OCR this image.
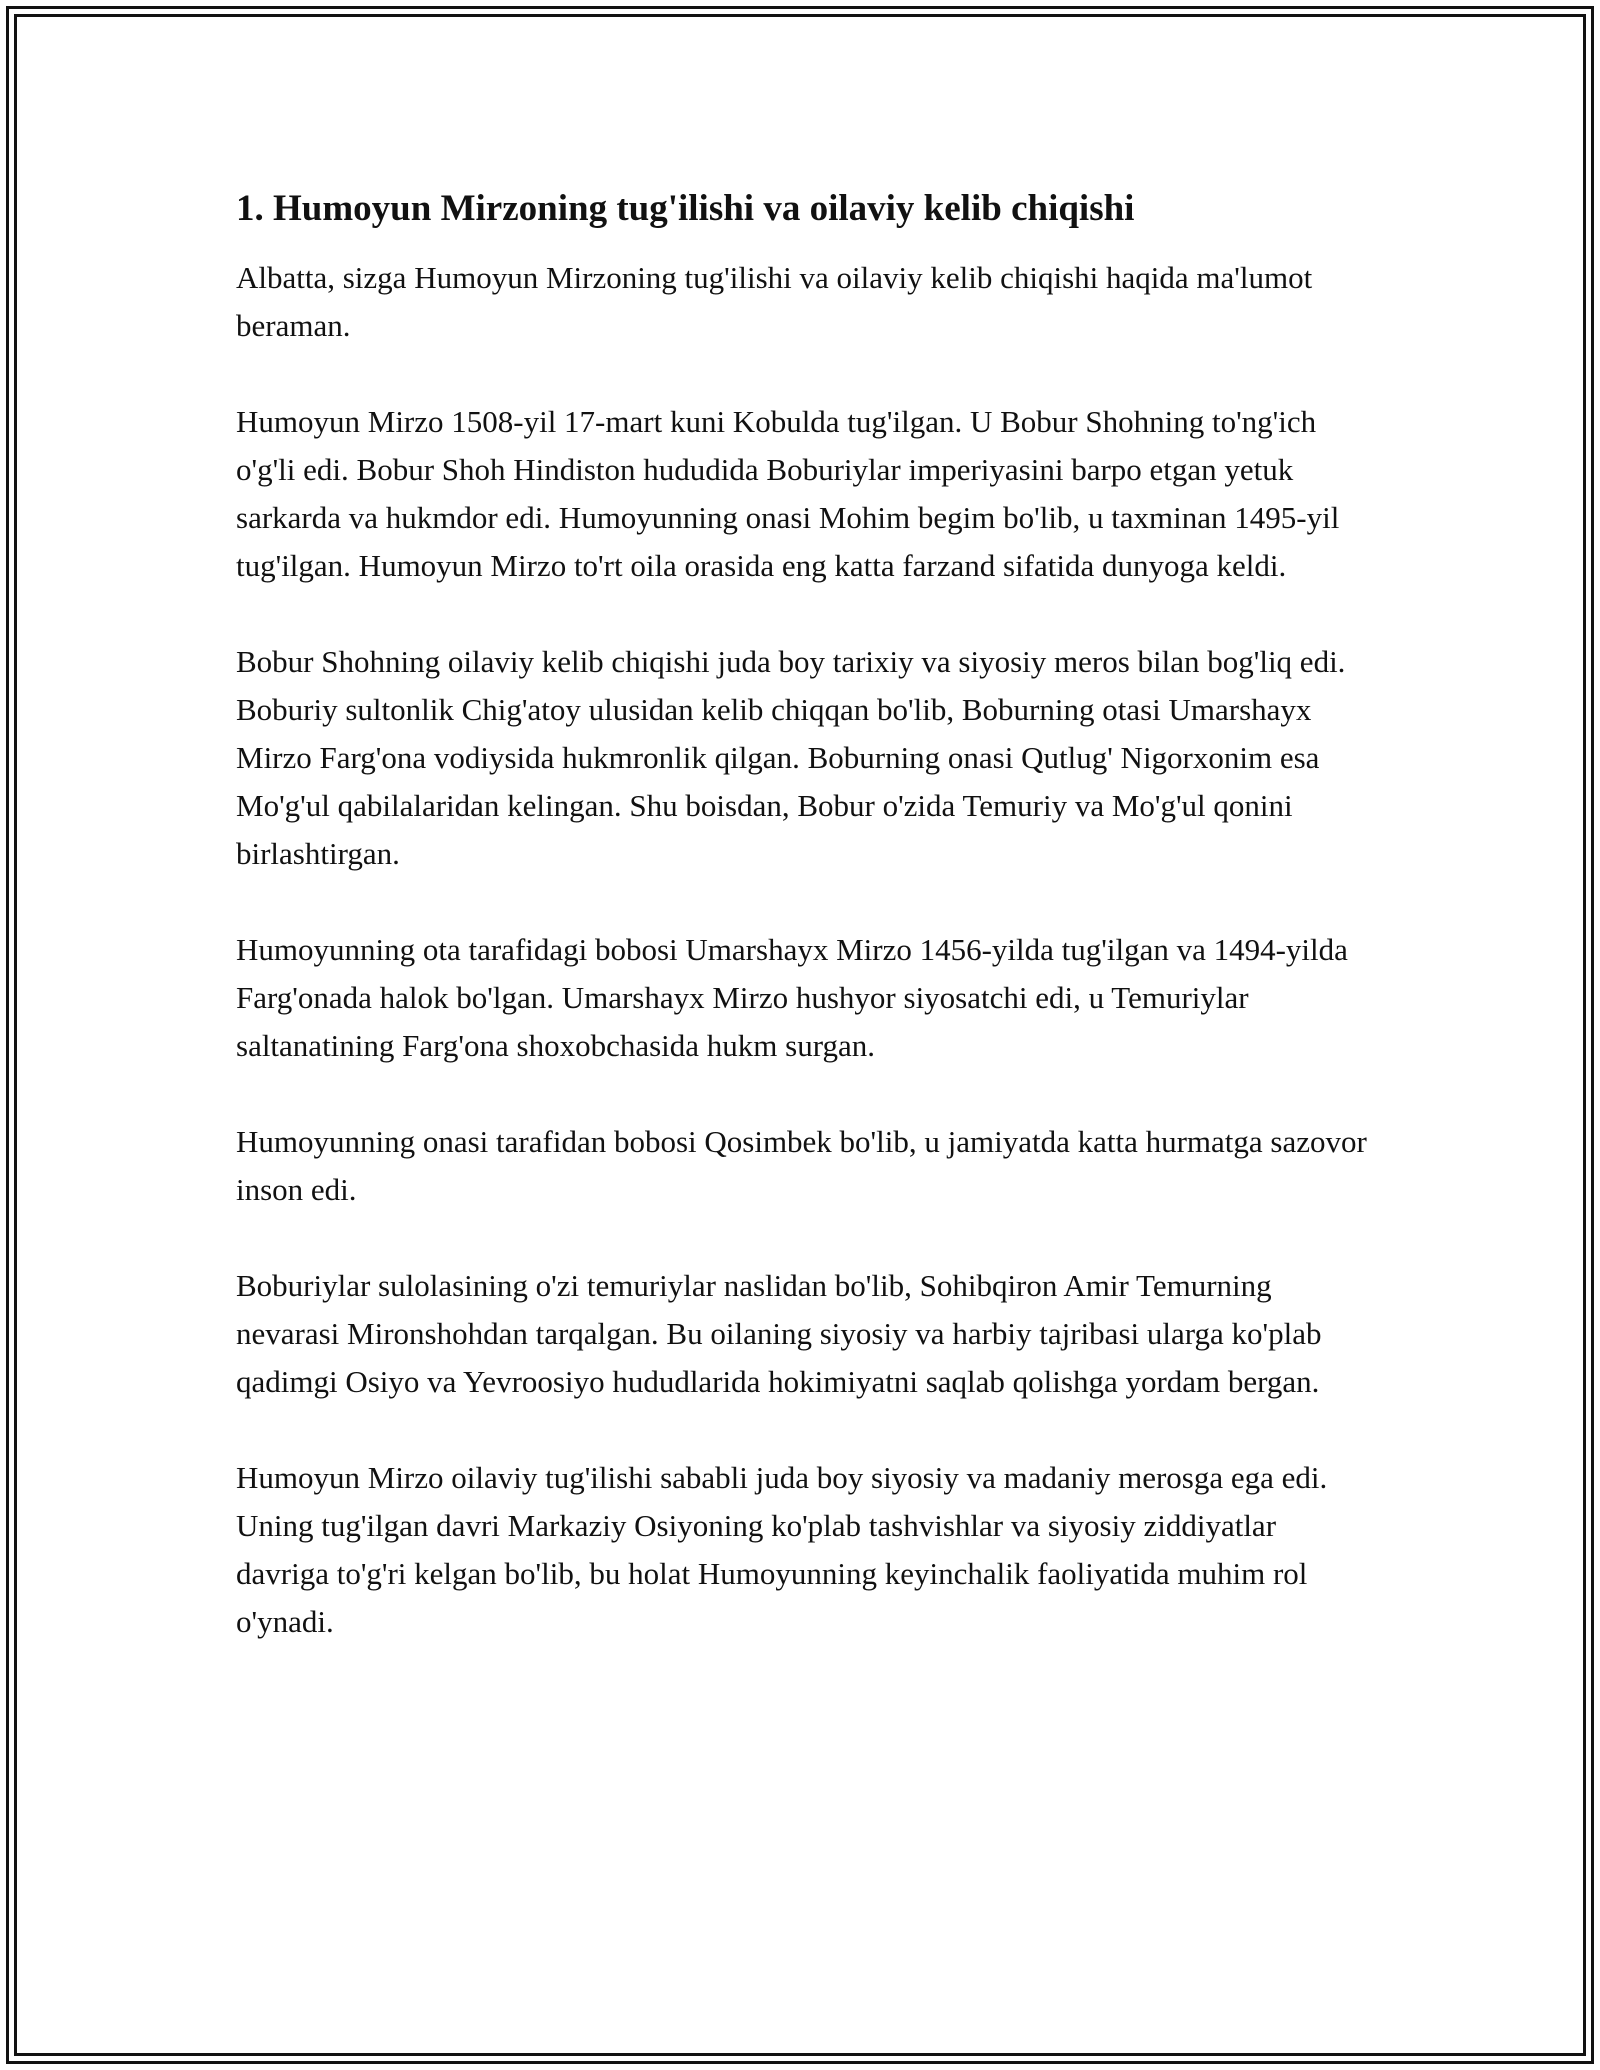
1. Humoyun Mirzoning tug'ilishi va oilaviy kelib chiqishi

Albatta, sizga Humoyun Mirzoning tug'ilishi va oilaviy kelib chiqishi haqida ma'lumot beraman.

Humoyun Mirzo 1508-yil 17-mart kuni Kobulda tug'ilgan. U Bobur Shohning to'ng'ich o'g'li edi. Bobur Shoh Hindiston hududida Boburiylar imperiyasini barpo etgan yetuk sarkarda va hukmdor edi. Humoyunning onasi Mohim begim bo'lib, u taxminan 1495-yil tug'ilgan. Humoyun Mirzo to'rt oila orasida eng katta farzand sifatida dunyoga keldi.

Bobur Shohning oilaviy kelib chiqishi juda boy tarixiy va siyosiy meros bilan bog'liq edi. Boburiy sultonlik Chig'atoy ulusidan kelib chiqqan bo'lib, Boburning otasi Umarshayx Mirzo Farg'ona vodiysida hukmronlik qilgan. Boburning onasi Qutlug' Nigorxonim esa Mo'g'ul qabilalaridan kelingan. Shu boisdan, Bobur o'zida Temuriy va Mo'g'ul qonini birlashtirgan.

Humoyunning ota tarafidagi bobosi Umarshayx Mirzo 1456-yilda tug'ilgan va 1494-yilda Farg'onada halok bo'lgan. Umarshayx Mirzo hushyor siyosatchi edi, u Temuriylar saltanatining Farg'ona shoxobchasida hukm surgan.

Humoyunning onasi tarafidan bobosi Qosimbek bo'lib, u jamiyatda katta hurmatga sazovor inson edi.

Boburiylar sulolasining o'zi temuriylar naslidan bo'lib, Sohibqiron Amir Temurning nevarasi Mironshohdan tarqalgan. Bu oilaning siyosiy va harbiy tajribasi ularga ko'plab qadimgi Osiyo va Yevroosiyo hududlarida hokimiyatni saqlab qolishga yordam bergan.

Humoyun Mirzo oilaviy tug'ilishi sababli juda boy siyosiy va madaniy merosga ega edi. Uning tug'ilgan davri Markaziy Osiyoning ko'plab tashvishlar va siyosiy ziddiyatlar davriga to'g'ri kelgan bo'lib, bu holat Humoyunning keyinchalik faoliyatida muhim rol o'ynadi.
